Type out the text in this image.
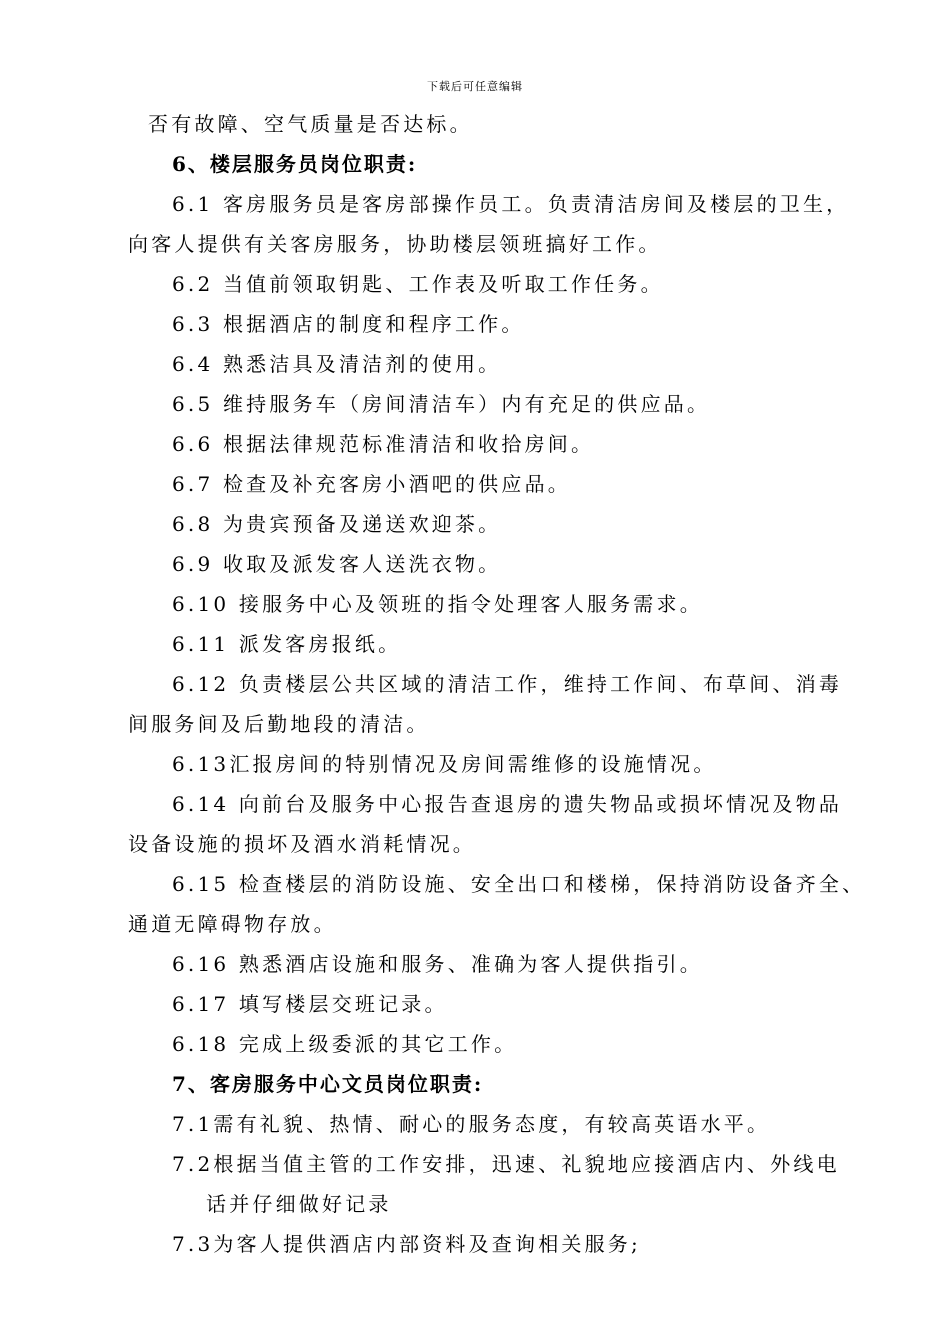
下载后可任意编辑
否有故障、空气质量是否达标。
6、楼层服务员岗位职责:
6.1 客房服务员是客房部操作员工。负责清洁房间及楼层的卫生，
向客人提供有关客房服务，协助楼层领班搞好工作。
6.2 当值前领取钥匙、工作表及听取工作任务。
6.3 根据酒店的制度和程序工作。
6.4 熟悉洁具及清洁剂的使用。
6.5 维持服务车（房间清洁车）内有充足的供应品。
6.6 根据法律规范标准清洁和收拾房间。
6.7 检查及补充客房小酒吧的供应品。
6.8 为贵宾预备及递送欢迎茶。
6.9 收取及派发客人送洗衣物。
6.10 接服务中心及领班的指令处理客人服务需求。
6.11 派发客房报纸。
6.12 负责楼层公共区域的清洁工作，维持工作间、布草间、消毒
间服务间及后勤地段的清洁。
6.13汇报房间的特别情况及房间需维修的设施情况。
6.14 向前台及服务中心报告查退房的遗失物品或损坏情况及物品
设备设施的损坏及酒水消耗情况。
6.15 检查楼层的消防设施、安全出口和楼梯，保持消防设备齐全、
通道无障碍物存放。
6.16 熟悉酒店设施和服务、准确为客人提供指引。
6.17 填写楼层交班记录。
6.18 完成上级委派的其它工作。
7、客房服务中心文员岗位职责:
7.1需有礼貌、热情、耐心的服务态度，有较高英语水平。
7.2根据当值主管的工作安排，迅速、礼貌地应接酒店内、外线电
话并仔细做好记录
7.3为客人提供酒店内部资料及查询相关服务;
